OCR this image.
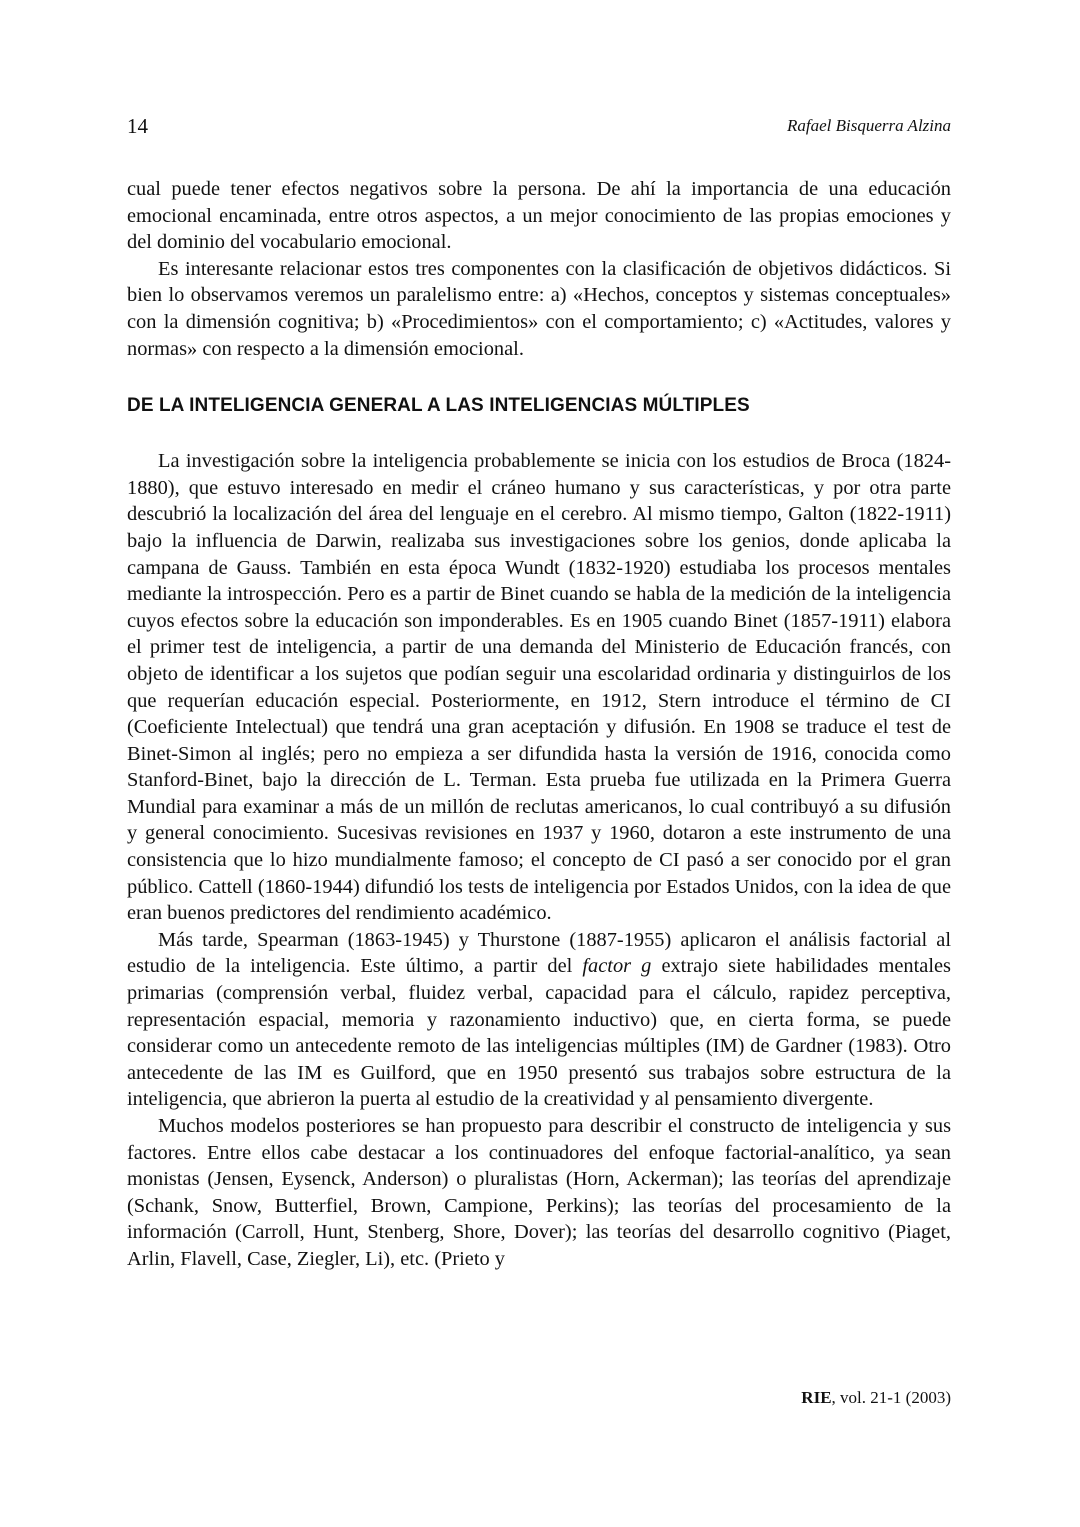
14	Rafael Bisquerra Alzina

cual puede tener efectos negativos sobre la persona. De ahí la importancia de una educación emocional encaminada, entre otros aspectos, a un mejor conocimiento de las propias emociones y del dominio del vocabulario emocional.

Es interesante relacionar estos tres componentes con la clasificación de objetivos didácticos. Si bien lo observamos veremos un paralelismo entre: a) «Hechos, conceptos y sistemas conceptuales» con la dimensión cognitiva; b) «Procedimientos» con el comportamiento; c) «Actitudes, valores y normas» con respecto a la dimensión emocional.

DE LA INTELIGENCIA GENERAL A LAS INTELIGENCIAS MÚLTIPLES

La investigación sobre la inteligencia probablemente se inicia con los estudios de Broca (1824-1880), que estuvo interesado en medir el cráneo humano y sus características, y por otra parte descubrió la localización del área del lenguaje en el cerebro. Al mismo tiempo, Galton (1822-1911) bajo la influencia de Darwin, realizaba sus investigaciones sobre los genios, donde aplicaba la campana de Gauss. También en esta época Wundt (1832-1920) estudiaba los procesos mentales mediante la introspección. Pero es a partir de Binet cuando se habla de la medición de la inteligencia cuyos efectos sobre la educación son imponderables. Es en 1905 cuando Binet (1857-1911) elabora el primer test de inteligencia, a partir de una demanda del Ministerio de Educación francés, con objeto de identificar a los sujetos que podían seguir una escolaridad ordinaria y distinguirlos de los que requerían educación especial. Posteriormente, en 1912, Stern introduce el término de CI (Coeficiente Intelectual) que tendrá una gran aceptación y difusión. En 1908 se traduce el test de Binet-Simon al inglés; pero no empieza a ser difundida hasta la versión de 1916, conocida como Stanford-Binet, bajo la dirección de L. Terman. Esta prueba fue utilizada en la Primera Guerra Mundial para examinar a más de un millón de reclutas americanos, lo cual contribuyó a su difusión y general conocimiento. Sucesivas revisiones en 1937 y 1960, dotaron a este instrumento de una consistencia que lo hizo mundialmente famoso; el concepto de CI pasó a ser conocido por el gran público. Cattell (1860-1944) difundió los tests de inteligencia por Estados Unidos, con la idea de que eran buenos predictores del rendimiento académico.

Más tarde, Spearman (1863-1945) y Thurstone (1887-1955) aplicaron el análisis factorial al estudio de la inteligencia. Este último, a partir del factor g extrajo siete habilidades mentales primarias (comprensión verbal, fluidez verbal, capacidad para el cálculo, rapidez perceptiva, representación espacial, memoria y razonamiento inductivo) que, en cierta forma, se puede considerar como un antecedente remoto de las inteligencias múltiples (IM) de Gardner (1983). Otro antecedente de las IM es Guilford, que en 1950 presentó sus trabajos sobre estructura de la inteligencia, que abrieron la puerta al estudio de la creatividad y al pensamiento divergente.

Muchos modelos posteriores se han propuesto para describir el constructo de inteligencia y sus factores. Entre ellos cabe destacar a los continuadores del enfoque factorial-analítico, ya sean monistas (Jensen, Eysenck, Anderson) o pluralistas (Horn, Ackerman); las teorías del aprendizaje (Schank, Snow, Butterfiel, Brown, Campione, Perkins); las teorías del procesamiento de la información (Carroll, Hunt, Stenberg, Shore, Dover); las teorías del desarrollo cognitivo (Piaget, Arlin, Flavell, Case, Ziegler, Li), etc. (Prieto y

RIE, vol. 21-1 (2003)
